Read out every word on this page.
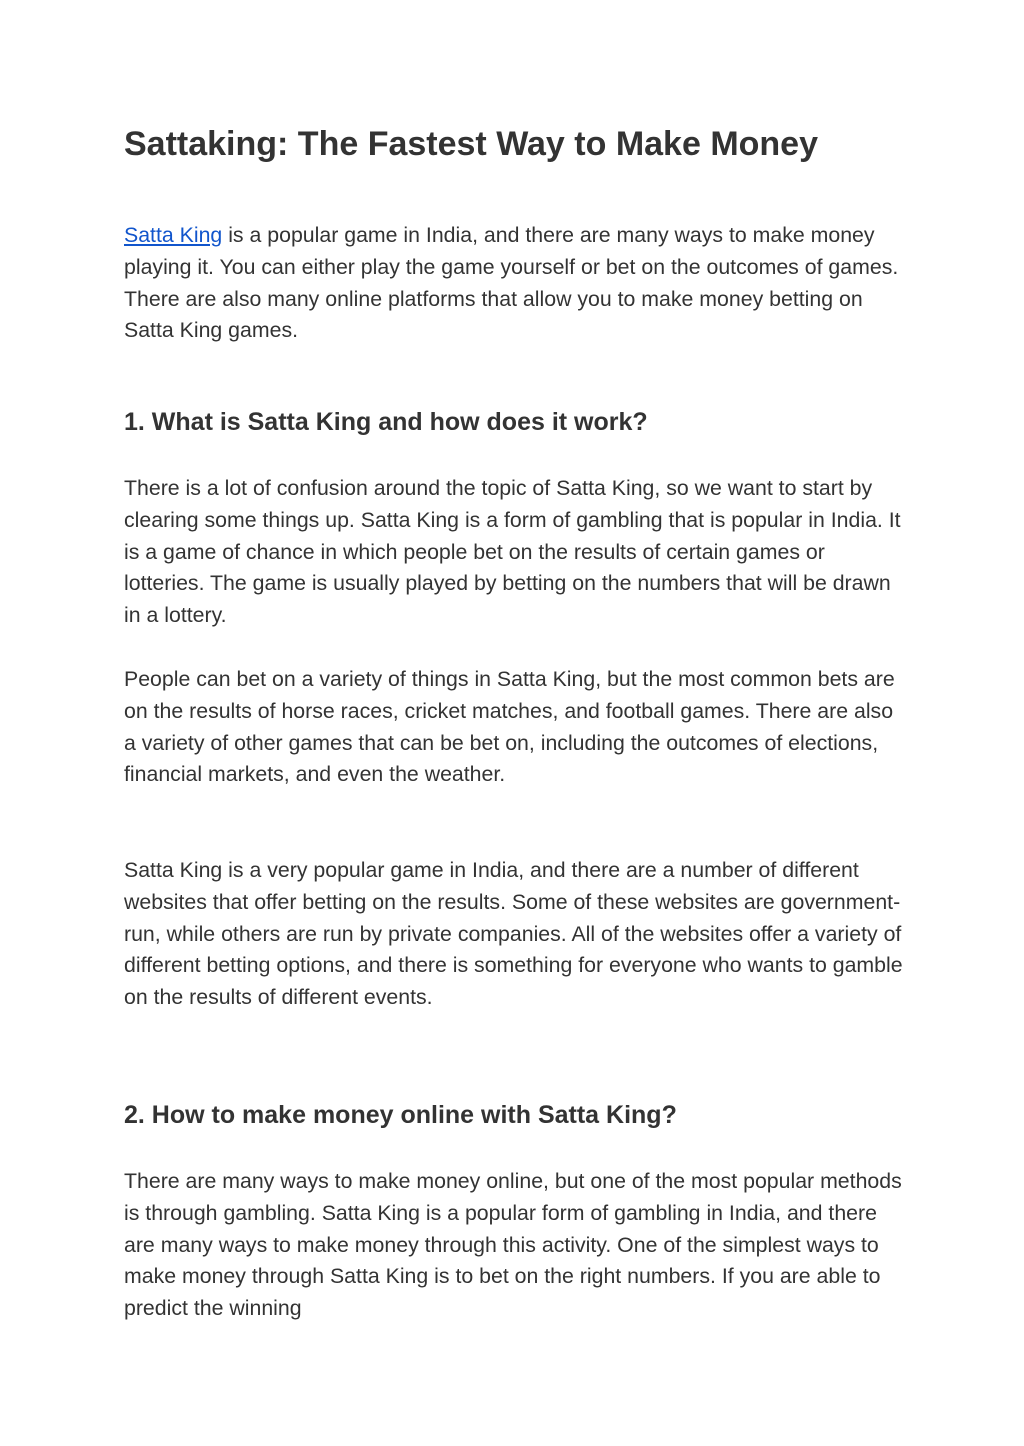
Sattaking: The Fastest Way to Make Money

Satta King is a popular game in India, and there are many ways to make money playing it. You can either play the game yourself or bet on the outcomes of games. There are also many online platforms that allow you to make money betting on Satta King games.

1. What is Satta King and how does it work?

There is a lot of confusion around the topic of Satta King, so we want to start by clearing some things up. Satta King is a form of gambling that is popular in India. It is a game of chance in which people bet on the results of certain games or lotteries. The game is usually played by betting on the numbers that will be drawn in a lottery.

People can bet on a variety of things in Satta King, but the most common bets are on the results of horse races, cricket matches, and football games. There are also a variety of other games that can be bet on, including the outcomes of elections, financial markets, and even the weather.

Satta King is a very popular game in India, and there are a number of different websites that offer betting on the results. Some of these websites are government-run, while others are run by private companies. All of the websites offer a variety of different betting options, and there is something for everyone who wants to gamble on the results of different events.

2. How to make money online with Satta King?

There are many ways to make money online, but one of the most popular methods is through gambling. Satta King is a popular form of gambling in India, and there are many ways to make money through this activity. One of the simplest ways to make money through Satta King is to bet on the right numbers. If you are able to predict the winning
